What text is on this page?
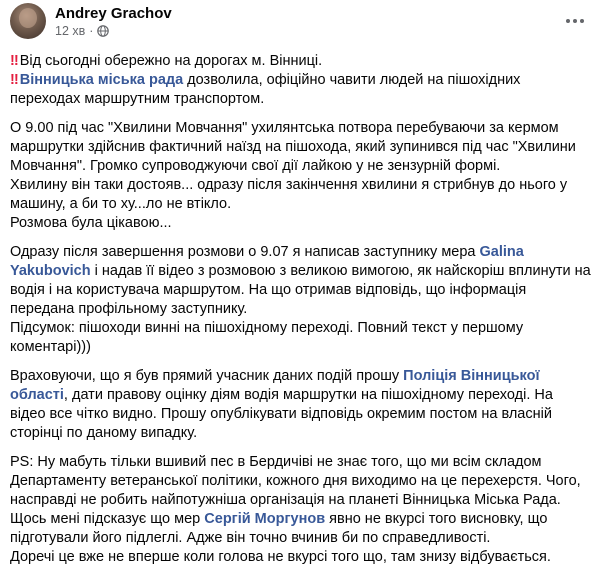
Andrey Grachov
12 хв ·

‼ Від сьогодні обережно на дорогах м. Вінниці.
‼ Вінницька міська рада дозволила, офіційно чавити людей на пішохідних переходах маршрутним транспортом.

О 9.00 під час "Хвилини Мовчання" ухилянтська потвора перебуваючи за кермом маршрутки здійснив фактичний наїзд на пішохода, який зупинився під час "Хвилини Мовчання". Громко супроводжуючи свої дії лайкою у не зензурній формі.

Хвилину він таки достояв... одразу після закінчення хвилини я стрибнув до нього у машину, а би то ху...ло не втікло.

Розмова була цікавою...

Одразу після завершення розмови о 9.07 я написав заступнику мера Galina Yakubovich і надав її відео з розмовою з великою вимогою, як найскоріш вплинути на водія і на користувача маршрутом. На що отримав відповідь, що інформація передана профільному заступнику.

Підсумок: пішоходи винні на пішохідному переході. Повний текст у першому коментарі)))

Враховуючи, що я був прямий учасник даних подій прошу Поліція Вінницької області, дати правову оцінку діям водія маршрутки на пішохідному переході. На відео все чітко видно. Прошу опублікувати відповідь окремим постом на власній сторінці по даному випадку.

PS: Ну мабуть тільки вшивий пес в Бердичіві не знає того, що ми всім складом Департаменту ветеранської політики, кожного дня виходимо на це перехерстя. Чого, насправді не робить найпотужніша організація на планеті Вінницька Міська Рада. Щось мені підсказує що мер Сергій Моргунов явно не вкурсі того висновку, що підготували його підлеглі. Адже він точно вчинив би по справедливості.

Доречі це вже не вперше коли голова не вкурсі того що, там знизу відбувається.
